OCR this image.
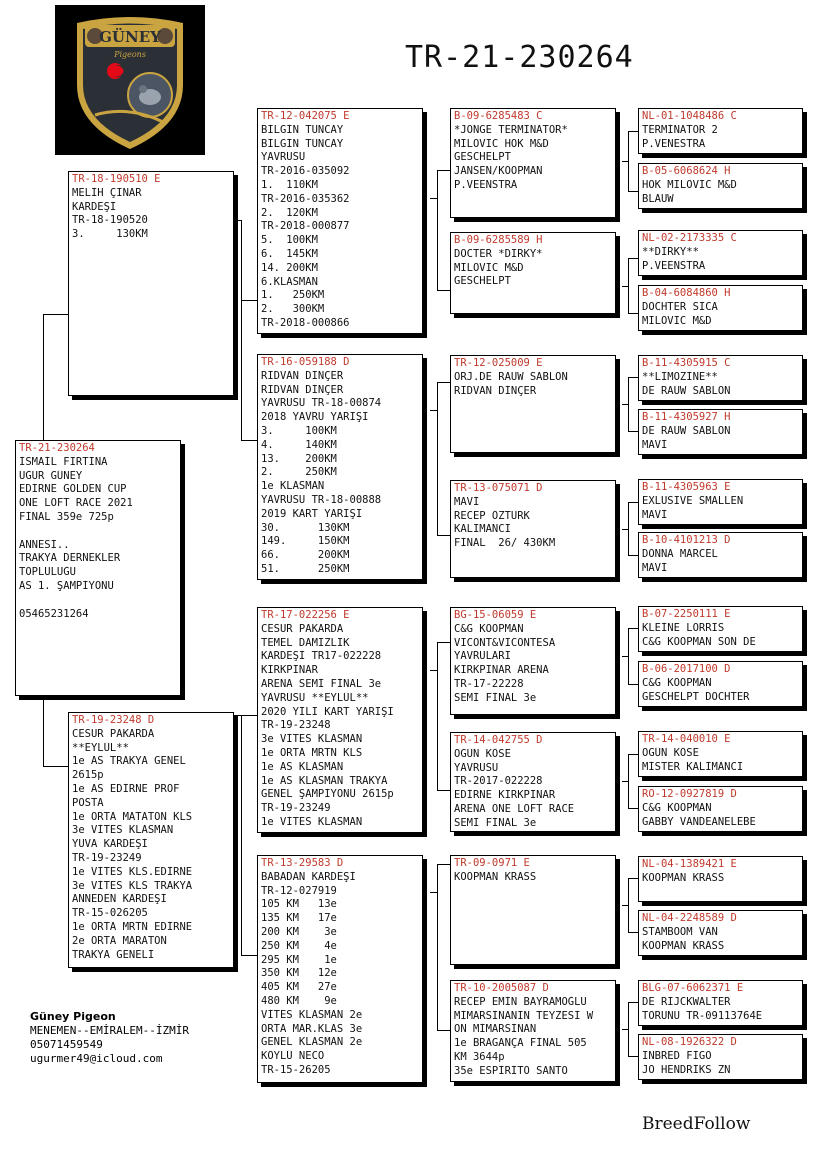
GÜNEY
Pigeons	TR-21-230264
TR-21-230264
İSMAİL FIRTINA
UĞUR GÜNEY
EDİRNE GOLDEN CUP
ONE LOFT RACE 2021
FİNAL 359e 725p

ANNESİ..
TRAKYA DERNEKLER
TOPLULUĞU
AS 1. ŞAMPİYONU

05465231264
TR-18-190510 E
MELİH ÇINAR
KARDEŞİ
TR-18-190520
3.     130KM
TR-19-23248 D
CESUR PAKARDA
**EYLÜL**
1e AS TRAKYA GENEL
2615p
1e AS EDİRNE PROF
POSTA
1e ORTA MATATON KLS
3e VİTES KLASMAN
YUVA KARDEŞİ
TR-19-23249
1e VİTES KLS.EDİRNE
3e VİTES KLS TRAKYA
ANNEDEN KARDEŞİ
TR-15-026205
1e ORTA MRTN EDİRNE
2e ORTA MARATON
TRAKYA GENELİ
TR-12-042075 E
BİLGİN TUNCAY
BİLGİN TUNCAY
YAVRUSU
TR-2016-035092
1.  110KM
TR-2016-035362
2.  120KM
TR-2018-000877
5.  100KM
6.  145KM
14. 200KM
6.KLASMAN
1.   250KM
2.   300KM
TR-2018-000866
TR-16-059188 D
RIDVAN DİNÇER
RIDVAN DİNÇER
YAVRUSU TR-18-00874
2018 YAVRU YARIŞI
3.     100KM
4.     140KM
13.    200KM
2.     250KM
1e KLASMAN
YAVRUSU TR-18-00888
2019 KART YARIŞI
30.      130KM
149.     150KM
66.      200KM
51.      250KM
TR-17-022256 E
CESUR PAKARDA
TEMEL DAMIZLIK
KARDEŞİ TR17-022228
KIRKPINAR
ARENA SEMİ FİNAL 3e
YAVRUSU **EYLÜL**
2020 YILI KART YARIŞI
TR-19-23248
3e VİTES KLASMAN
1e ORTA MRTN KLS
1e AS KLASMAN
1e AS KLASMAN TRAKYA
GENEL ŞAMPİYONU 2615p
TR-19-23249
1e VİTES KLASMAN
TR-13-29583 D
BABADAN KARDEŞİ
TR-12-027919
105 KM   13e
135 KM   17e
200 KM    3e
250 KM    4e
295 KM    1e
350 KM   12e
405 KM   27e
480 KM    9e
VİTES KLASMAN 2e
ORTA MAR.KLAS 3e
GENEL KLASMAN 2e
KÖYLÜ NECO
TR-15-26205
B-09-6285483 C
*JONGE TERMINATOR*
MILOVIC HOK M&D
GESCHELPT
JANSEN/KOOPMAN
P.VEENSTRA
B-09-6285589 H
DOCTER *DIRKY*
MILOVIC M&D
GESCHELPT
TR-12-025009 E
ORJ.DE RAUW SABLON
RIDVAN DİNÇER
TR-13-075071 D
MAVİ
RECEP ÖZTÜRK
KALIMANCI
FİNAL  26/ 430KM
BG-15-06059 E
C&G KOOPMAN
VICONT&VICONTESA
YAVRULARI
KIRKPINAR ARENA
TR-17-22228
SEMİ FİNAL 3e
TR-14-042755 D
OGÜN KÖSE
YAVRUSU
TR-2017-022228
EDİRNE KIRKPINAR
ARENA ONE LOFT RACE
SEMİ FİNAL 3e
TR-09-0971 E
KOOPMAN KRASS
TR-10-2005087 D
RECEP EMİN BAYRAMOĞLU
MİMARSİNANIN TEYZESİ W
ON MİMARSİNAN
1e BRAGANÇA FİNAL 505
KM 3644p
35e ESPİRİTO SANTO
NL-01-1048486 C
TERMİNATOR 2
P.VENESTRA
B-05-6068624 H
HOK MILOVIC M&D
BLAUW
NL-02-2173335 C
**DIRKY**
P.VEENSTRA
B-04-6084860 H
DOCHTER SICA
MILOVIC M&D
B-11-4305915 C
**LIMOZINE**
DE RAUW SABLON
B-11-4305927 H
DE RAUW SABLON
MAVİ
B-11-4305963 E
EXLUSIVE SMALLEN
MAVİ
B-10-4101213 D
DONNA MARCEL
MAVİ
B-07-2250111 E
KLEİNE LORRIS
C&G KOOPMAN SON DE
B-06-2017100 D
C&G KOOPMAN
GESCHELPT DOCHTER
TR-14-040010 E
OGÜN KÖSE
MİSTER KALİMANCI
RO-12-0927819 D
C&G KOOPMAN
GABBY VANDEANELEBE
NL-04-1389421 E
KOOPMAN KRASS
NL-04-2248589 D
STAMBOOM VAN
KOOPMAN KRASS
BLG-07-6062371 E
DE RİJCKWALTER
TORUNU TR-09113764E
NL-08-1926322 D
INBRED FİGO
JO HENDRİKS ZN
Güney Pigeon
MENEMEN--EMİRALEM--İZMİR
05071459549
ugurmer49@icloud.com
BreedFollow
